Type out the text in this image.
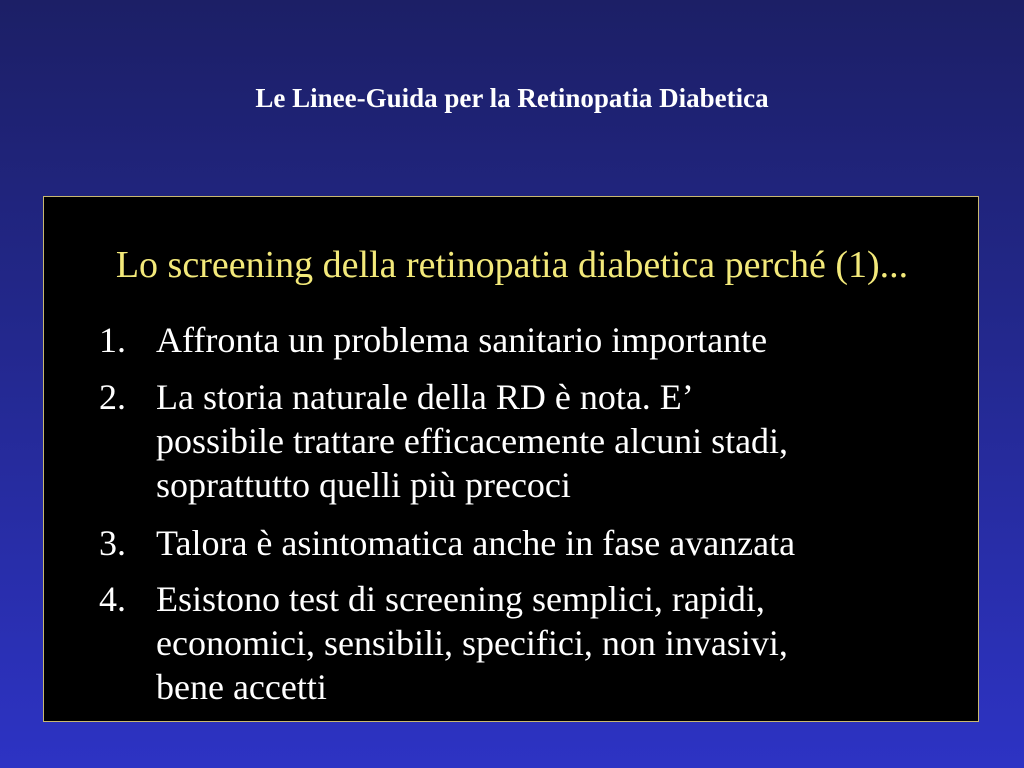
Le Linee-Guida per la Retinopatia Diabetica
Lo screening della retinopatia diabetica perché (1)...
1. Affronta un problema sanitario importante
2. La storia naturale della RD è nota. E’
possibile trattare efficacemente alcuni stadi,
soprattutto quelli più precoci
3. Talora è asintomatica anche in fase avanzata
4. Esistono test di screening semplici, rapidi,
economici, sensibili, specifici, non invasivi,
bene accetti
